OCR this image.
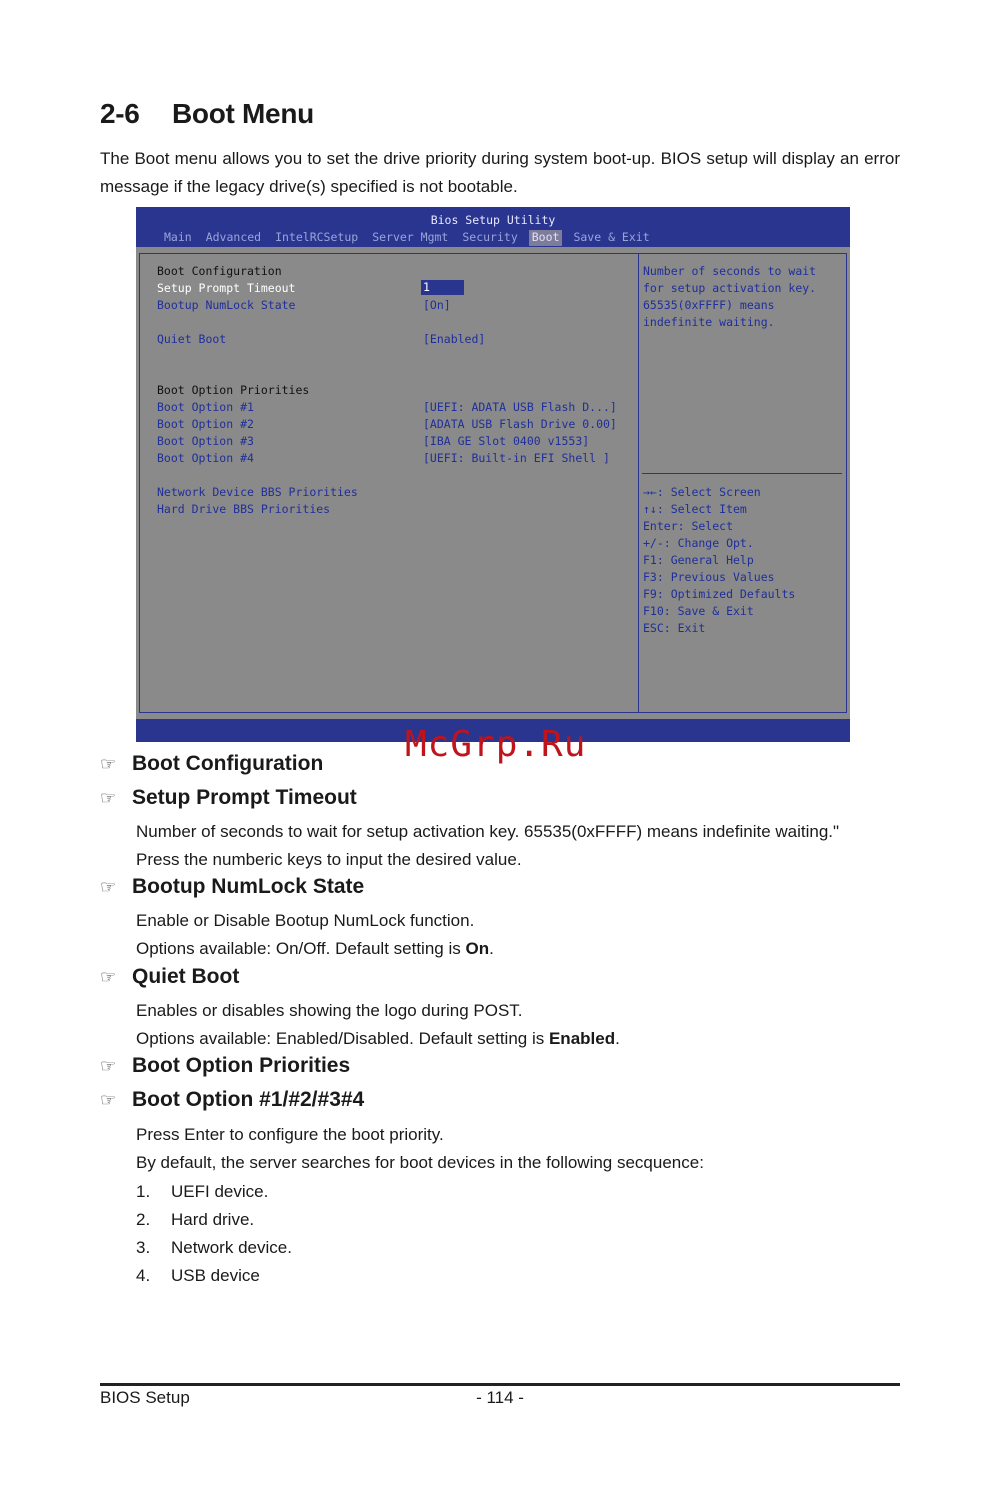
2-6 Boot Menu
The Boot menu allows you to set the drive priority during system boot-up. BIOS setup will display an error message if the legacy drive(s) specified is not bootable.
Bios Setup Utility
Main Advanced IntelRCSetup Server Mgmt Security Boot Save & Exit
Boot Configuration
Setup Prompt Timeout	1
Bootup NumLock State	[On]
Quiet Boot	[Enabled]
Boot Option Priorities
Boot Option #1	[UEFI: ADATA USB Flash D...]
Boot Option #2	[ADATA USB Flash Drive 0.00]
Boot Option #3	[IBA GE Slot 0400 v1553]
Boot Option #4	[UEFI: Built-in EFI Shell ]
Network Device BBS Priorities
Hard Drive BBS Priorities
Number of seconds to wait
for setup activation key.
65535(0xFFFF) means
indefinite waiting.
→←: Select Screen
↑↓: Select Item
Enter: Select
+/-: Change Opt.
F1: General Help
F3: Previous Values
F9: Optimized Defaults
F10: Save & Exit
ESC: Exit
McGrp.Ru
☞ Boot Configuration
☞ Setup Prompt Timeout
Number of seconds to wait for setup activation key. 65535(0xFFFF) means indefinite waiting."
Press the numberic keys to input the desired value.
☞ Bootup NumLock State
Enable or Disable Bootup NumLock function.
Options available: On/Off. Default setting is On.
☞ Quiet Boot
Enables or disables showing the logo during POST.
Options available: Enabled/Disabled. Default setting is Enabled.
☞ Boot Option Priorities
☞ Boot Option #1/#2/#3#4
Press Enter to configure the boot priority.
By default, the server searches for boot devices in the following secquence:
1. UEFI device.
2. Hard drive.
3. Network device.
4. USB device
BIOS Setup	- 114 -
